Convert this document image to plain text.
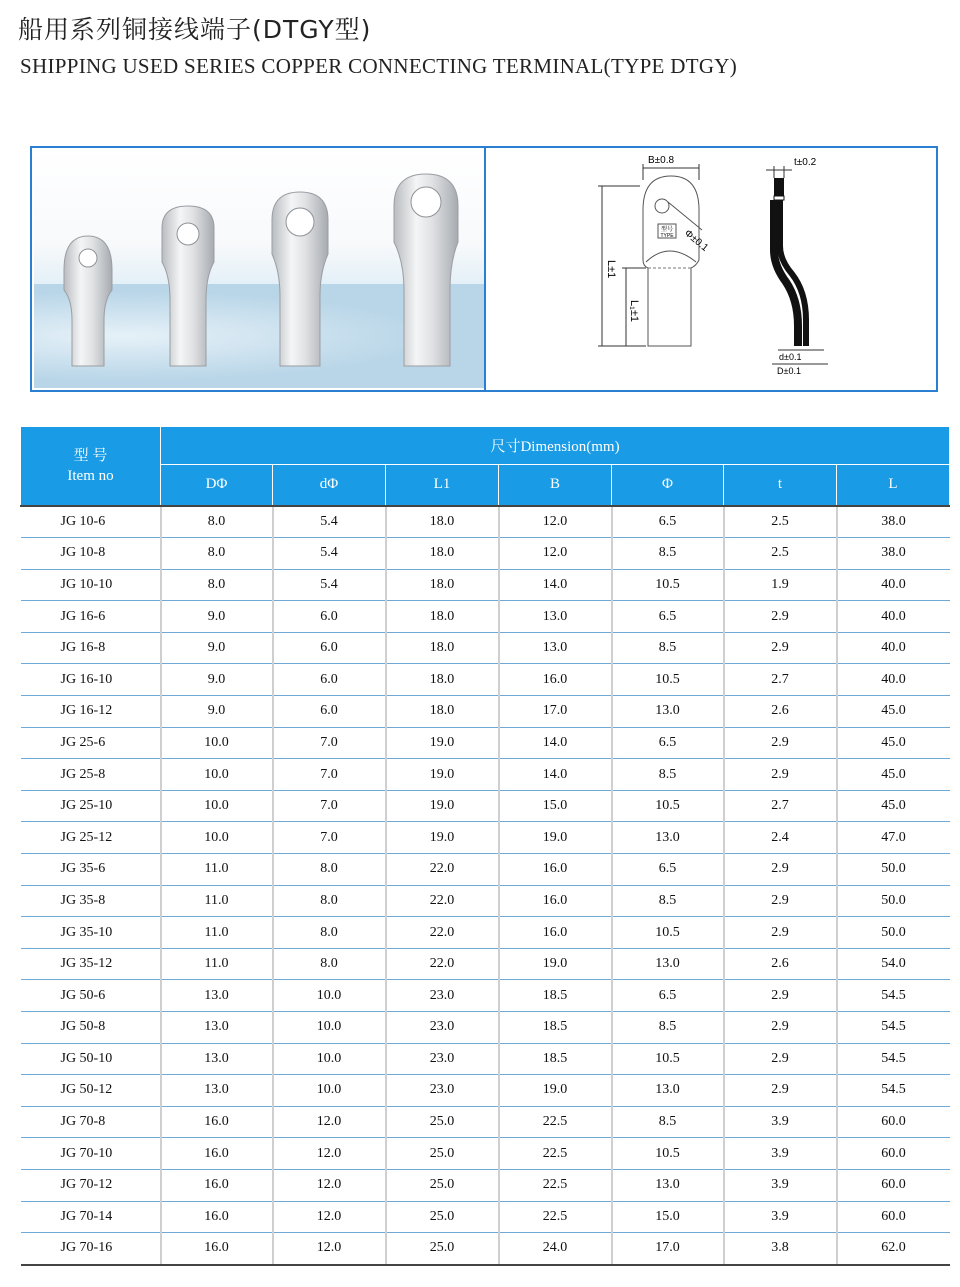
船用系列铜接线端子(DTGY型)
SHIPPING USED SERIES COPPER CONNECTING TERMINAL(TYPE DTGY)
型号
TYPE
B±0.8
Φ±0.1
L±1
L₁±1
t±0.2
d±0.1
D±0.1
型 号
Item no	尺寸Dimension(mm)						
	DΦ	dΦ	L1	B	Φ	t	L
JG 10-6	8.0	5.4	18.0	12.0	6.5	2.5	38.0
JG 10-8	8.0	5.4	18.0	12.0	8.5	2.5	38.0
JG 10-10	8.0	5.4	18.0	14.0	10.5	1.9	40.0
JG 16-6	9.0	6.0	18.0	13.0	6.5	2.9	40.0
JG 16-8	9.0	6.0	18.0	13.0	8.5	2.9	40.0
JG 16-10	9.0	6.0	18.0	16.0	10.5	2.7	40.0
JG 16-12	9.0	6.0	18.0	17.0	13.0	2.6	45.0
JG 25-6	10.0	7.0	19.0	14.0	6.5	2.9	45.0
JG 25-8	10.0	7.0	19.0	14.0	8.5	2.9	45.0
JG 25-10	10.0	7.0	19.0	15.0	10.5	2.7	45.0
JG 25-12	10.0	7.0	19.0	19.0	13.0	2.4	47.0
JG 35-6	11.0	8.0	22.0	16.0	6.5	2.9	50.0
JG 35-8	11.0	8.0	22.0	16.0	8.5	2.9	50.0
JG 35-10	11.0	8.0	22.0	16.0	10.5	2.9	50.0
JG 35-12	11.0	8.0	22.0	19.0	13.0	2.6	54.0
JG 50-6	13.0	10.0	23.0	18.5	6.5	2.9	54.5
JG 50-8	13.0	10.0	23.0	18.5	8.5	2.9	54.5
JG 50-10	13.0	10.0	23.0	18.5	10.5	2.9	54.5
JG 50-12	13.0	10.0	23.0	19.0	13.0	2.9	54.5
JG 70-8	16.0	12.0	25.0	22.5	8.5	3.9	60.0
JG 70-10	16.0	12.0	25.0	22.5	10.5	3.9	60.0
JG 70-12	16.0	12.0	25.0	22.5	13.0	3.9	60.0
JG 70-14	16.0	12.0	25.0	22.5	15.0	3.9	60.0
JG 70-16	16.0	12.0	25.0	24.0	17.0	3.8	62.0
